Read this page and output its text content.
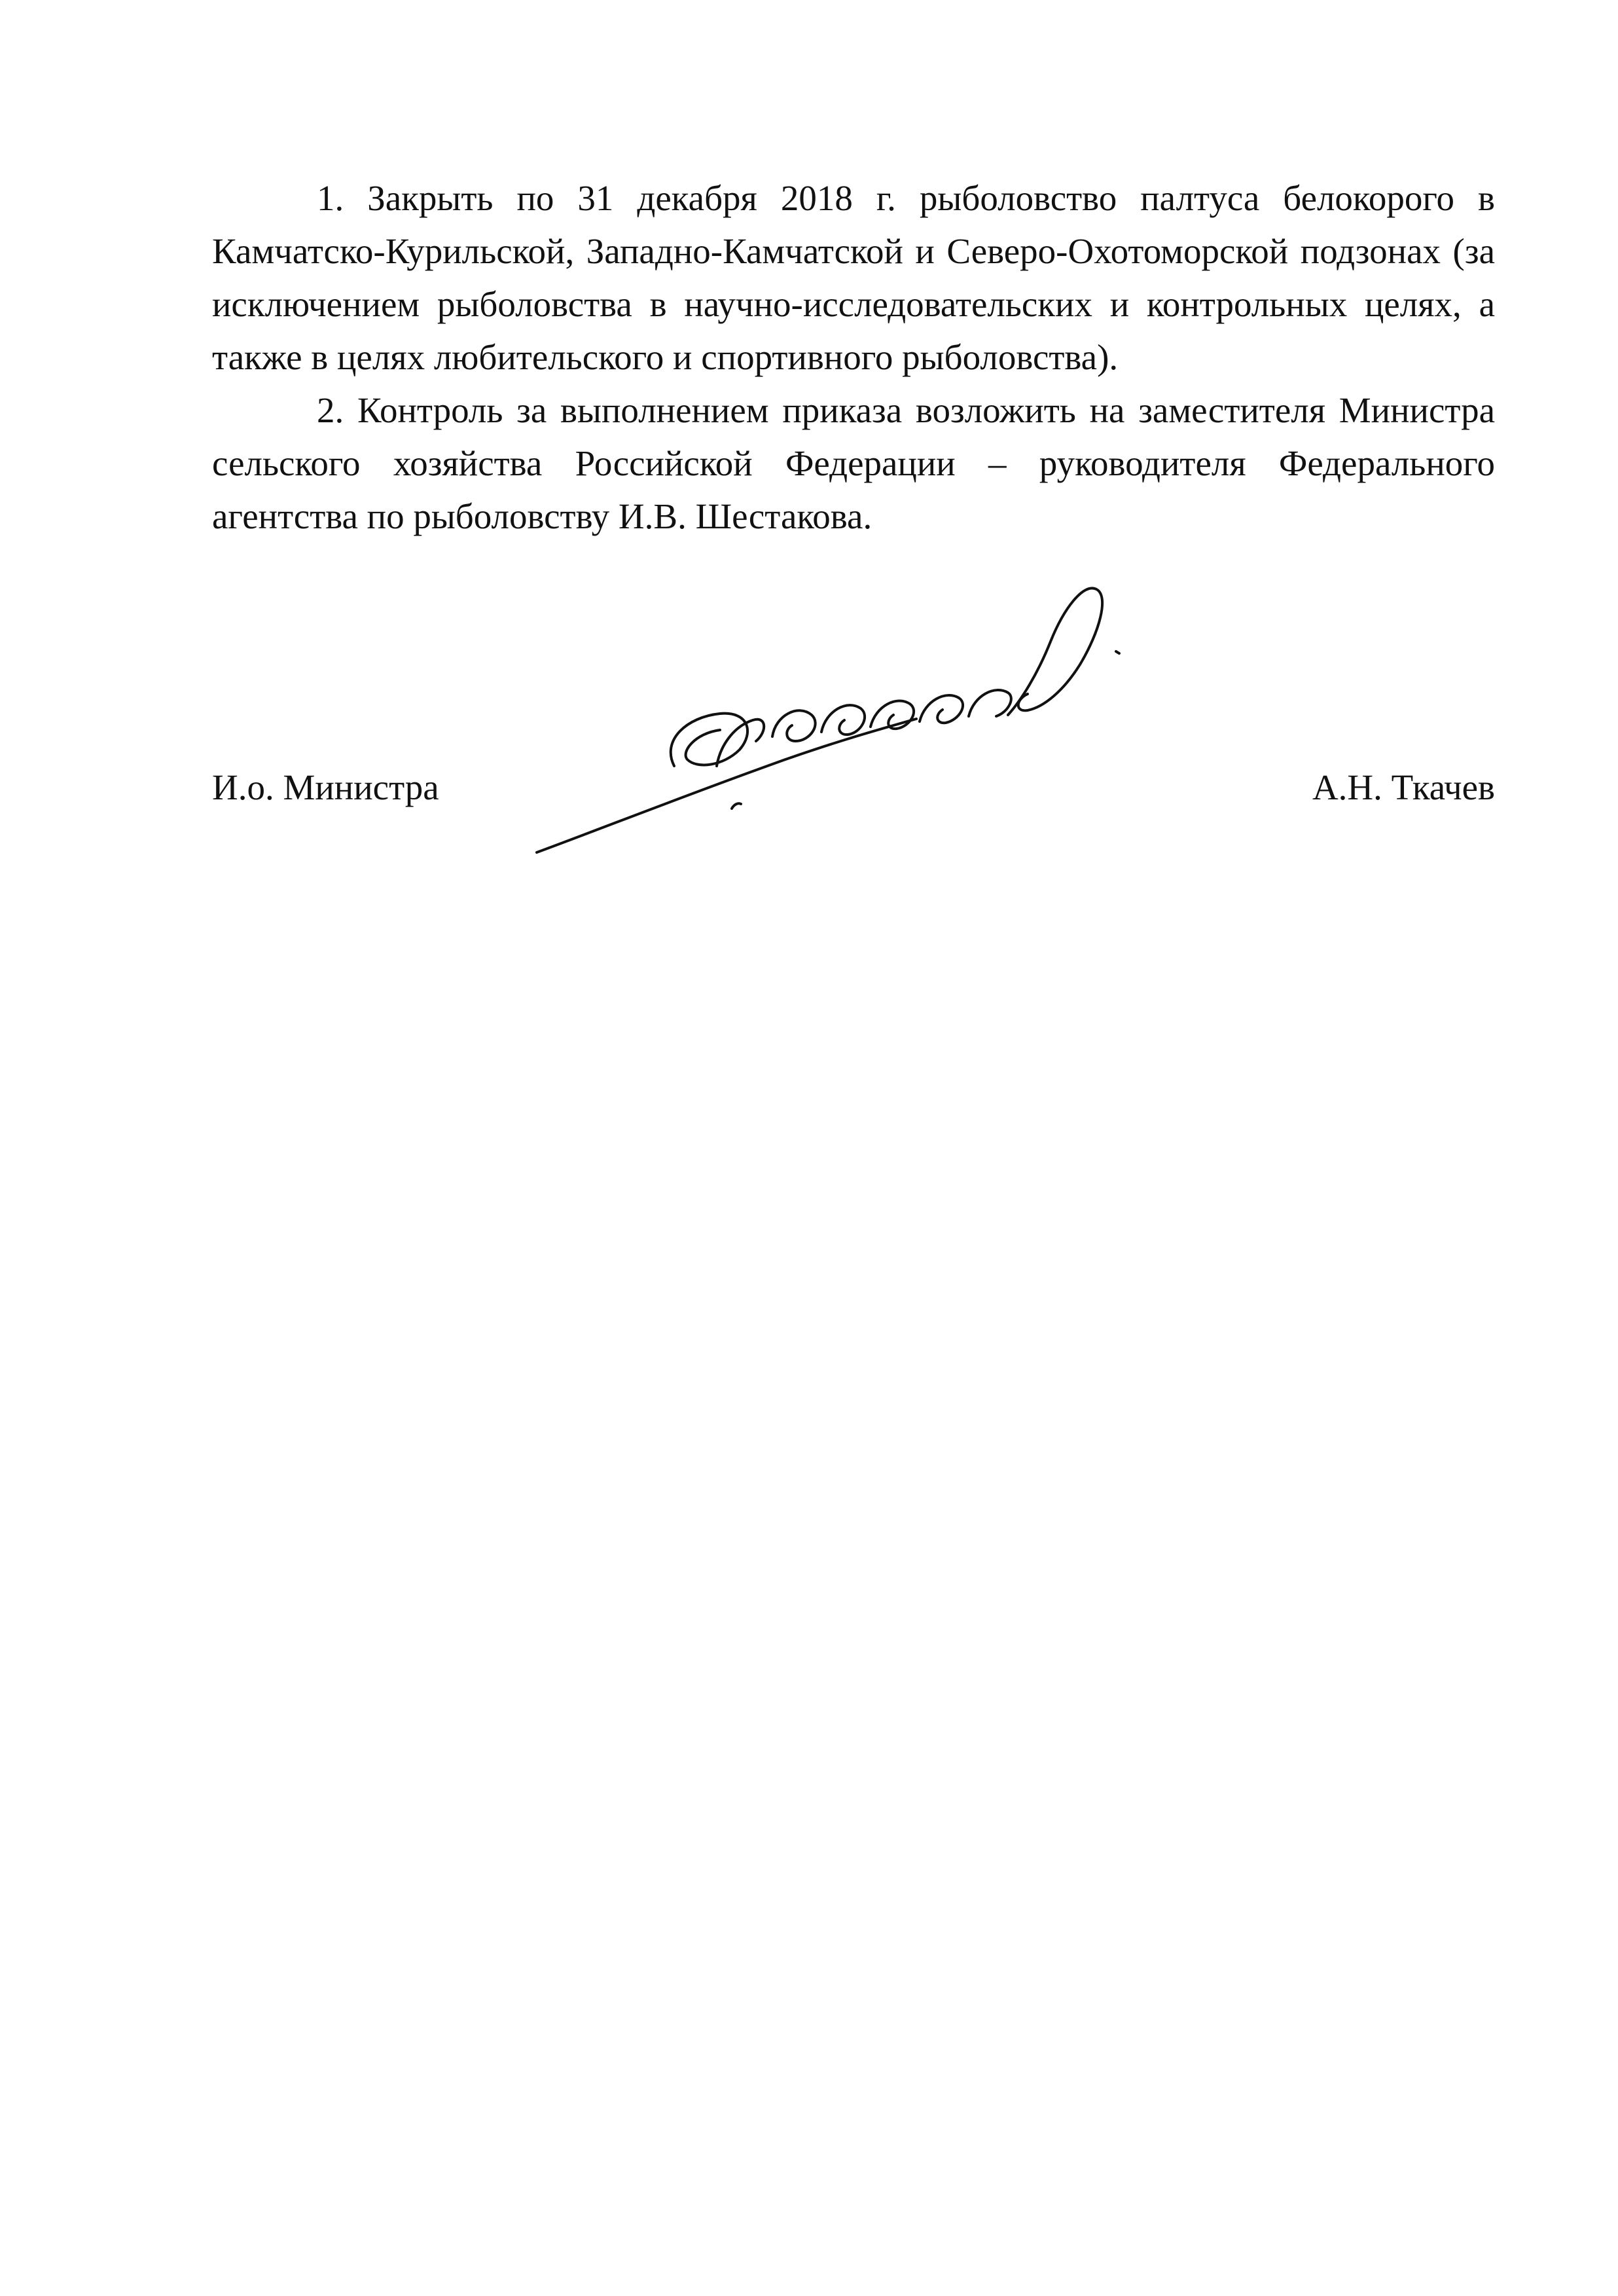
1. Закрыть по 31 декабря 2018 г. рыболовство палтуса белокорого в Камчатско-Курильской, Западно-Камчатской и Северо-Охотоморской подзонах (за исключением рыболовства в научно-исследовательских и контрольных целях, а также в целях любительского и спортивного рыболовства).

2. Контроль за выполнением приказа возложить на заместителя Министра сельского хозяйства Российской Федерации – руководителя Федерального агентства по рыболовству И.В. Шестакова.

И.о. Министра	А.Н. Ткачев
